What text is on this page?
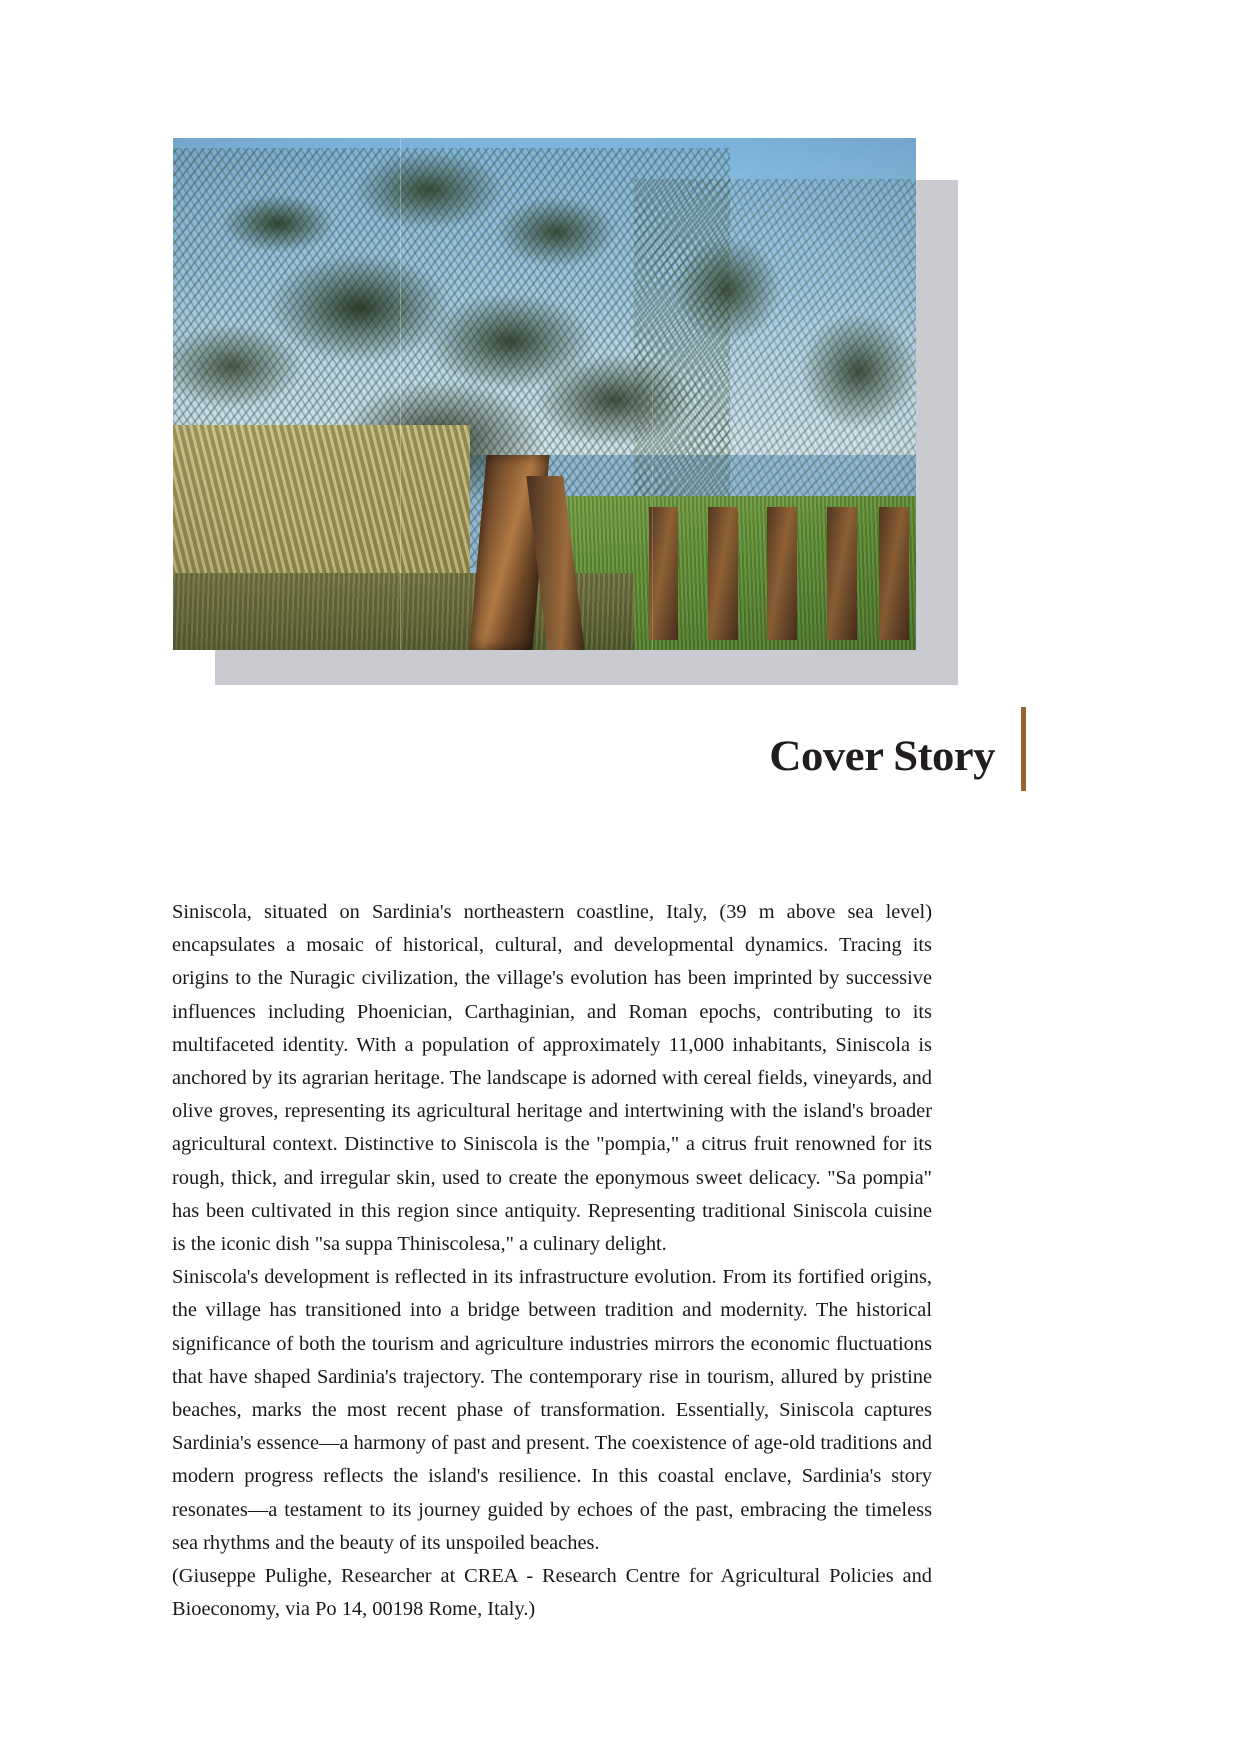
Cover Story

Siniscola, situated on Sardinia's northeastern coastline, Italy, (39 m above sea level) encapsulates a mosaic of historical, cultural, and developmental dynamics. Tracing its origins to the Nuragic civilization, the village's evolution has been imprinted by successive influences including Phoenician, Carthaginian, and Roman epochs, contributing to its multifaceted identity. With a population of approximately 11,000 inhabitants, Siniscola is anchored by its agrarian heritage. The landscape is adorned with cereal fields, vineyards, and olive groves, representing its agricultural heritage and intertwining with the island's broader agricultural context. Distinctive to Siniscola is the "pompia," a citrus fruit renowned for its rough, thick, and irregular skin, used to create the eponymous sweet delicacy. "Sa pompia" has been cultivated in this region since antiquity. Representing traditional Siniscola cuisine is the iconic dish "sa suppa Thiniscolesa," a culinary delight.

Siniscola's development is reflected in its infrastructure evolution. From its fortified origins, the village has transitioned into a bridge between tradition and modernity. The historical significance of both the tourism and agriculture industries mirrors the economic fluctuations that have shaped Sardinia's trajectory. The contemporary rise in tourism, allured by pristine beaches, marks the most recent phase of transformation. Essentially, Siniscola captures Sardinia's essence—a harmony of past and present. The coexistence of age-old traditions and modern progress reflects the island's resilience. In this coastal enclave, Sardinia's story resonates—a testament to its journey guided by echoes of the past, embracing the timeless sea rhythms and the beauty of its unspoiled beaches.

(Giuseppe Pulighe, Researcher at CREA - Research Centre for Agricultural Policies and Bioeconomy, via Po 14, 00198 Rome, Italy.)
